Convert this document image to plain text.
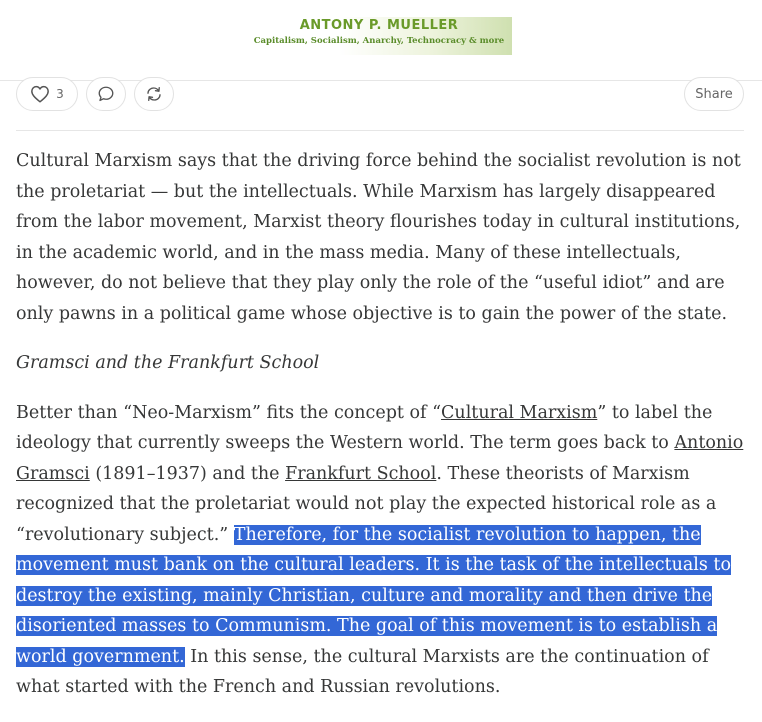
ANTONY P. MUELLER
Capitalism, Socialism, Anarchy, Technocracy & more
3	Share

Cultural Marxism says that the driving force behind the socialist revolution is not the proletariat — but the intellectuals. While Marxism has largely disappeared from the labor movement, Marxist theory flourishes today in cultural institutions, in the academic world, and in the mass media. Many of these intellectuals, however, do not believe that they play only the role of the “useful idiot” and are only pawns in a political game whose objective is to gain the power of the state.

Gramsci and the Frankfurt School

Better than “Neo-Marxism” fits the concept of “Cultural Marxism” to label the ideology that currently sweeps the Western world. The term goes back to Antonio Gramsci (1891–1937) and the Frankfurt School. These theorists of Marxism recognized that the proletariat would not play the expected historical role as a “revolutionary subject.” Therefore, for the socialist revolution to happen, the movement must bank on the cultural leaders. It is the task of the intellectuals to destroy the existing, mainly Christian, culture and morality and then drive the disoriented masses to Communism. The goal of this movement is to establish a world government. In this sense, the cultural Marxists are the continuation of what started with the French and Russian revolutions.
